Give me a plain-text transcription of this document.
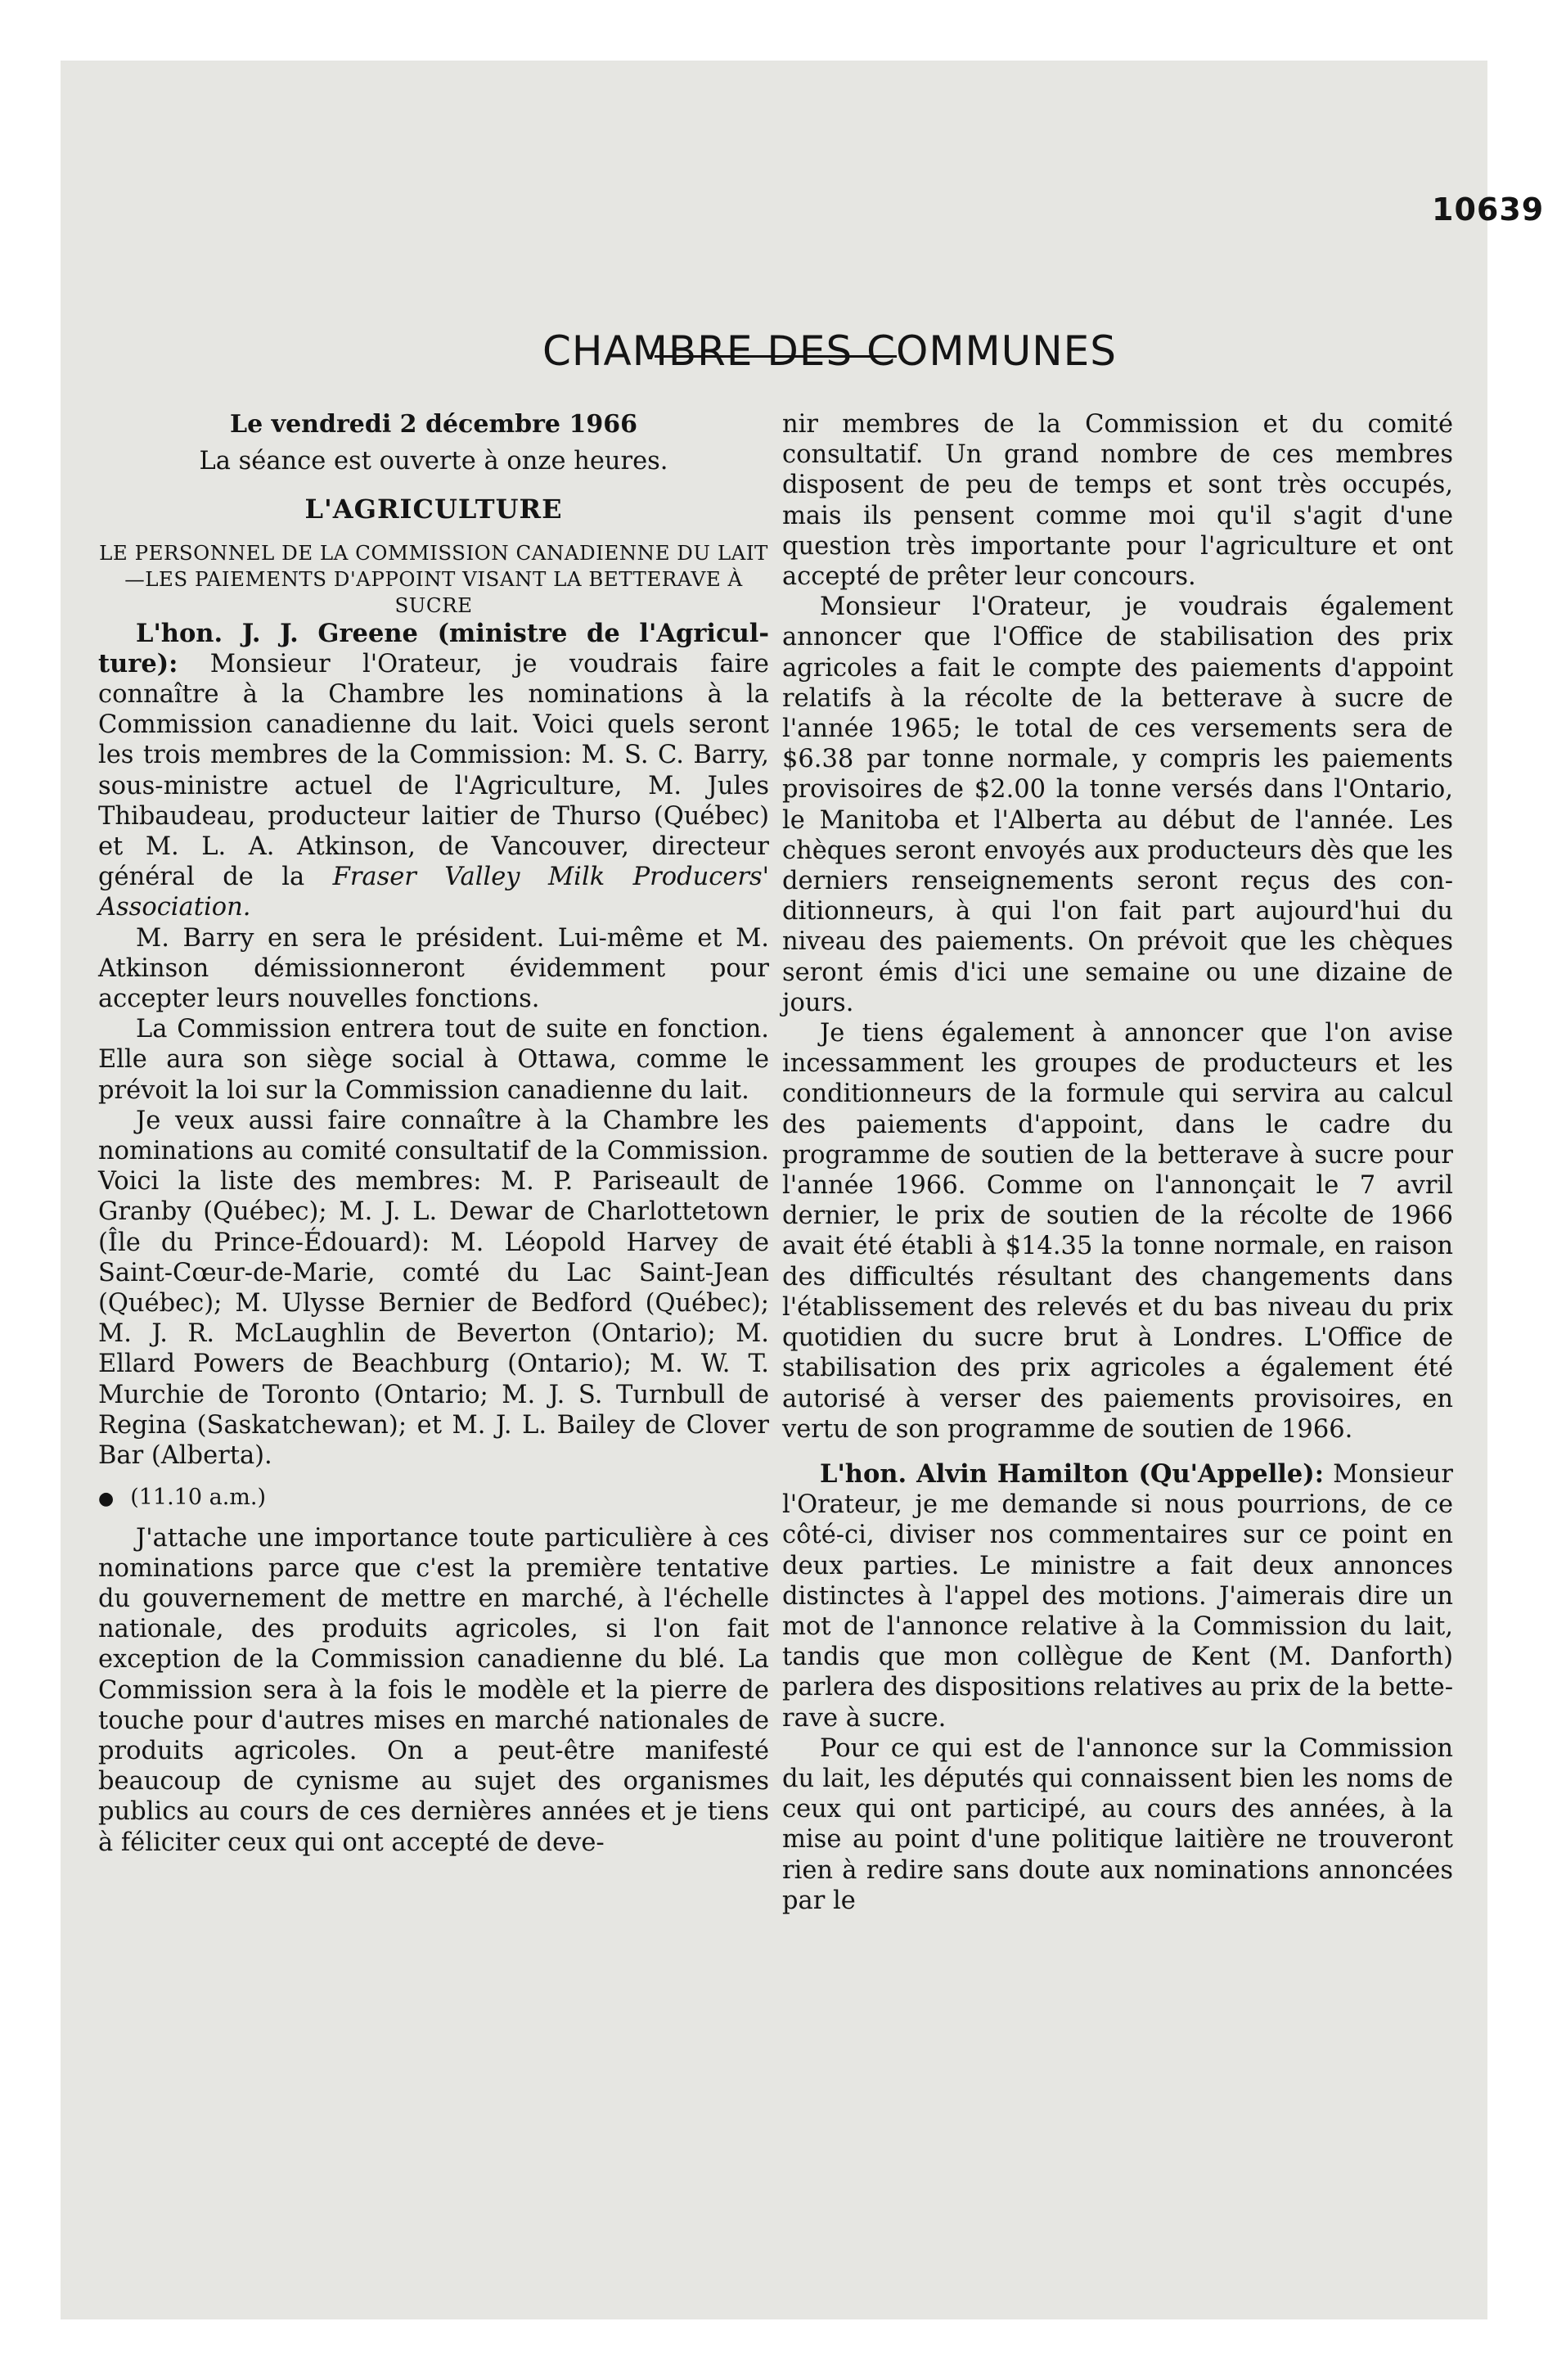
10639

CHAMBRE DES COMMUNES

Le vendredi 2 décembre 1966

La séance est ouverte à onze heures.

L'AGRICULTURE

LE PERSONNEL DE LA COMMISSION CANADIENNE DU LAIT—LES PAIEMENTS D'APPOINT VISANT LA BETTERAVE À SUCRE

L'hon. J. J. Greene (ministre de l'Agriculture): Monsieur l'Orateur, je voudrais faire connaître à la Chambre les nominations à la Commission canadienne du lait. Voici quels seront les trois membres de la Commission: M. S. C. Barry, sous-ministre actuel de l'Agriculture, M. Jules Thibaudeau, producteur laitier de Thurso (Québec) et M. L. A. Atkinson, de Vancouver, directeur général de la Fraser Valley Milk Producers' Association.

M. Barry en sera le président. Lui-même et M. Atkinson démissionneront évidemment pour accepter leurs nouvelles fonctions.

La Commission entrera tout de suite en fonction. Elle aura son siège social à Ottawa, comme le prévoit la loi sur la Commission canadienne du lait.

Je veux aussi faire connaître à la Chambre les nominations au comité consultatif de la Commission. Voici la liste des membres: M. P. Pariseault de Granby (Québec); M. J. L. Dewar de Charlottetown (Île du Prince-Édouard): M. Léopold Harvey de Saint-Cœur-de-Marie, comté du Lac Saint-Jean (Québec); M. Ulysse Bernier de Bedford (Québec); M. J. R. McLaughlin de Beverton (Ontario); M. Ellard Powers de Beachburg (Ontario); M. W. T. Murchie de Toronto (Ontario; M. J. S. Turnbull de Regina (Saskatchewan); et M. J. L. Bailey de Clover Bar (Alberta).

● (11.10 a.m.)

J'attache une importance toute particulière à ces nominations parce que c'est la première tentative du gouvernement de mettre en marché, à l'échelle nationale, des produits agricoles, si l'on fait exception de la Commission canadienne du blé. La Commission sera à la fois le modèle et la pierre de touche pour d'autres mises en marché nationales de produits agricoles. On a peut-être manifesté beaucoup de cynisme au sujet des organismes publics au cours de ces dernières années et je tiens à féliciter ceux qui ont accepté de deve-

nir membres de la Commission et du comité consultatif. Un grand nombre de ces membres disposent de peu de temps et sont très occupés, mais ils pensent comme moi qu'il s'agit d'une question très importante pour l'agriculture et ont accepté de prêter leur concours.

Monsieur l'Orateur, je voudrais également annoncer que l'Office de stabilisation des prix agricoles a fait le compte des paiements d'appoint relatifs à la récolte de la betterave à sucre de l'année 1965; le total de ces versements sera de $6.38 par tonne normale, y compris les paiements provisoires de $2.00 la tonne versés dans l'Ontario, le Manitoba et l'Alberta au début de l'année. Les chèques seront envoyés aux producteurs dès que les derniers renseignements seront reçus des conditionneurs, à qui l'on fait part aujourd'hui du niveau des paiements. On prévoit que les chèques seront émis d'ici une semaine ou une dizaine de jours.

Je tiens également à annoncer que l'on avise incessamment les groupes de producteurs et les conditionneurs de la formule qui servira au calcul des paiements d'appoint, dans le cadre du programme de soutien de la betterave à sucre pour l'année 1966. Comme on l'annonçait le 7 avril dernier, le prix de soutien de la récolte de 1966 avait été établi à $14.35 la tonne normale, en raison des difficultés résultant des changements dans l'établissement des relevés et du bas niveau du prix quotidien du sucre brut à Londres. L'Office de stabilisation des prix agricoles a également été autorisé à verser des paiements provisoires, en vertu de son programme de soutien de 1966.

L'hon. Alvin Hamilton (Qu'Appelle): Monsieur l'Orateur, je me demande si nous pourrions, de ce côté-ci, diviser nos commentaires sur ce point en deux parties. Le ministre a fait deux annonces distinctes à l'appel des motions. J'aimerais dire un mot de l'annonce relative à la Commission du lait, tandis que mon collègue de Kent (M. Danforth) parlera des dispositions relatives au prix de la betterave à sucre.

Pour ce qui est de l'annonce sur la Commission du lait, les députés qui connaissent bien les noms de ceux qui ont participé, au cours des années, à la mise au point d'une politique laitière ne trouveront rien à redire sans doute aux nominations annoncées par le
